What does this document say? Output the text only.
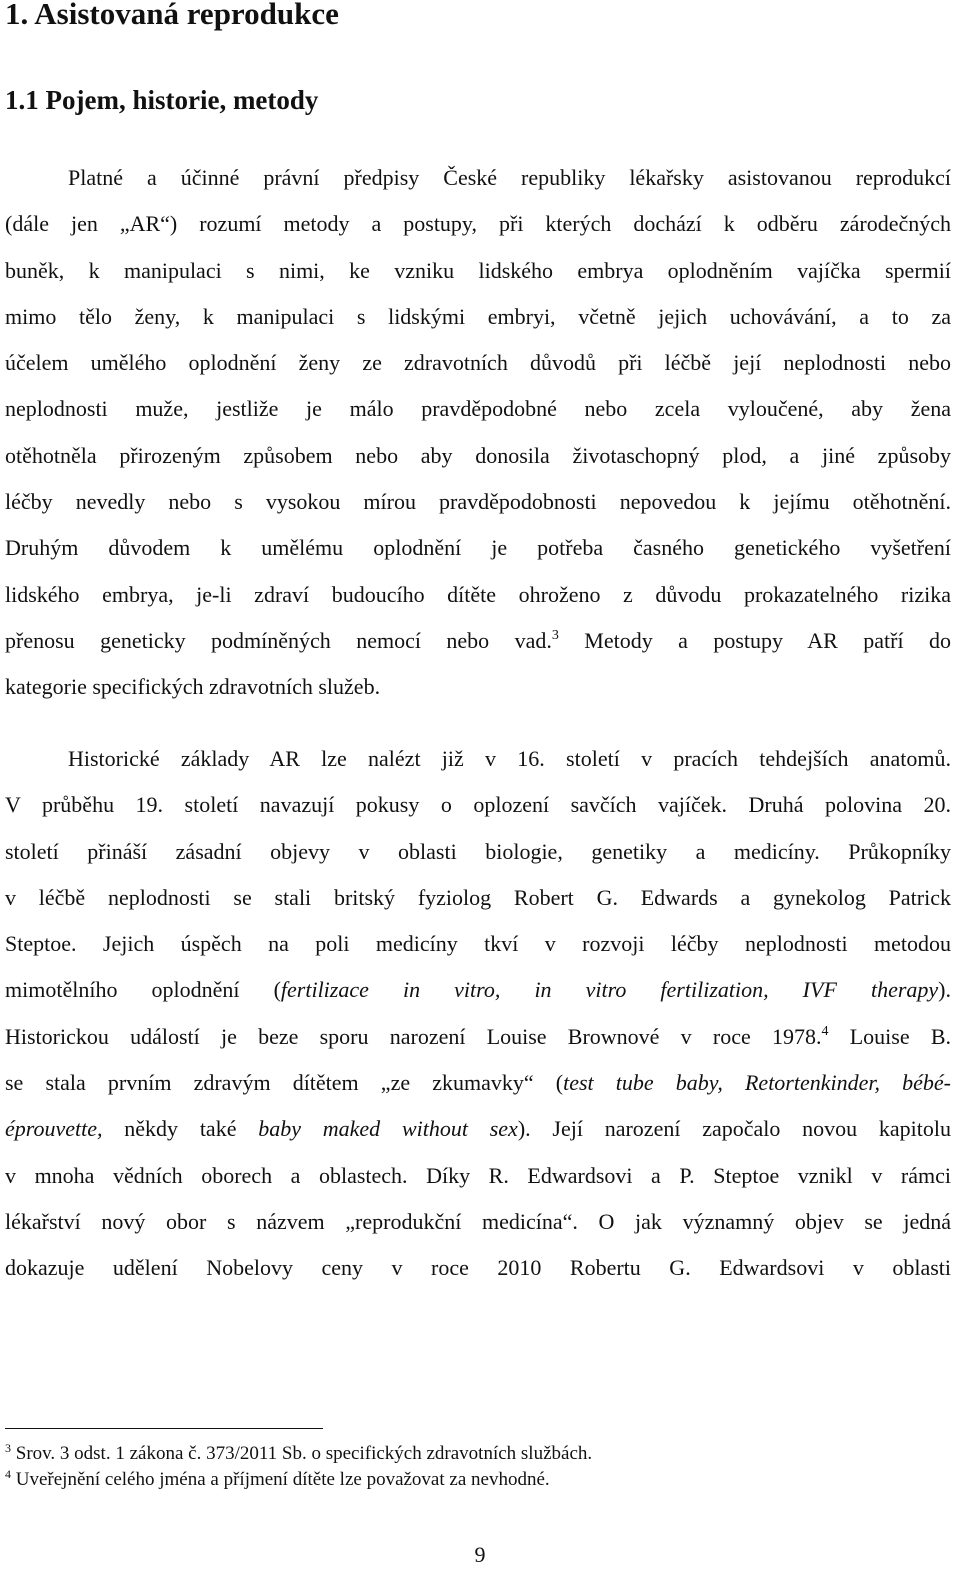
1. Asistovaná reprodukce
1.1 Pojem, historie, metody
Platné a účinné právní předpisy České republiky lékařsky asistovanou reprodukcí
(dále jen „AR“) rozumí metody a postupy, při kterých dochází k odběru zárodečných
buněk, k manipulaci s nimi, ke vzniku lidského embrya oplodněním vajíčka spermií
mimo tělo ženy, k manipulaci s lidskými embryi, včetně jejich uchovávání, a to za
účelem umělého oplodnění ženy ze zdravotních důvodů při léčbě její neplodnosti nebo
neplodnosti muže, jestliže je málo pravděpodobné nebo zcela vyloučené, aby žena
otěhotněla přirozeným způsobem nebo aby donosila životaschopný plod, a jiné způsoby
léčby nevedly nebo s vysokou mírou pravděpodobnosti nepovedou k jejímu otěhotnění.
Druhým důvodem k umělému oplodnění je potřeba časného genetického vyšetření
lidského embrya, je-li zdraví budoucího dítěte ohroženo z důvodu prokazatelného rizika
přenosu geneticky podmíněných nemocí nebo vad.$^3$ Metody a postupy AR patří do
kategorie specifických zdravotních služeb.
Historické základy AR lze nalézt již v 16. století v pracích tehdejších anatomů.
V průběhu 19. století navazují pokusy o oplození savčích vajíček. Druhá polovina 20.
století přináší zásadní objevy v oblasti biologie, genetiky a medicíny. Průkopníky
v léčbě neplodnosti se stali britský fyziolog Robert G. Edwards a gynekolog Patrick
Steptoe. Jejich úspěch na poli medicíny tkví v rozvoji léčby neplodnosti metodou
mimotělního oplodnění (fertilizace in vitro, in vitro fertilization, IVF therapy).
Historickou událostí je beze sporu narození Louise Brownové v roce 1978.$^4$ Louise B.
se stala prvním zdravým dítětem „ze zkumavky“ (test tube baby, Retortenkinder, bébé-
éprouvette, někdy také baby maked without sex). Její narození započalo novou kapitolu
v mnoha vědních oborech a oblastech. Díky R. Edwardsovi a P. Steptoe vznikl v rámci
lékařství nový obor s názvem „reprodukční medicína“. O jak významný objev se jedná
dokazuje udělení Nobelovy ceny v roce 2010 Robertu G. Edwardsovi v oblasti
$^3$ Srov. 3 odst. 1 zákona č. 373/2011 Sb. o specifických zdravotních službách.
$^4$ Uveřejnění celého jména a příjmení dítěte lze považovat za nevhodné.
9
